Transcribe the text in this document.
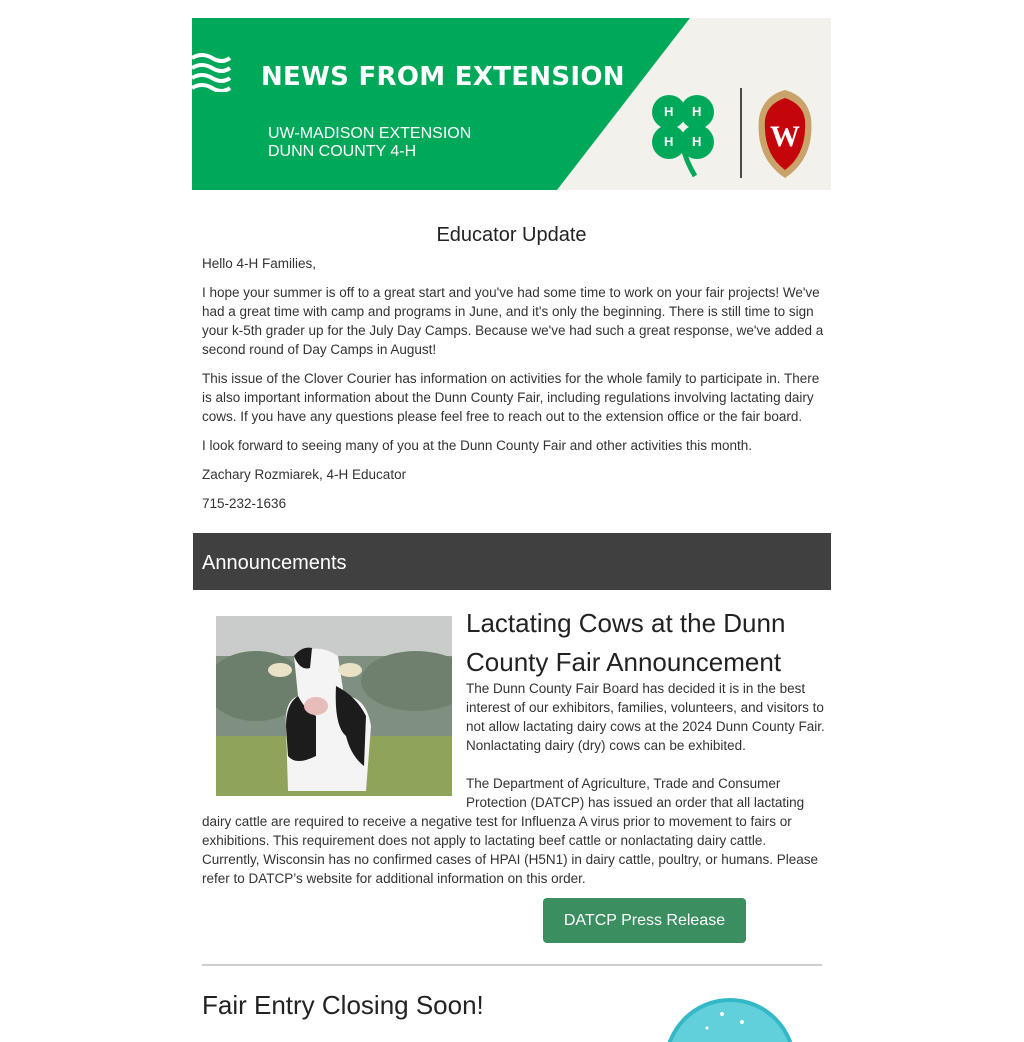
NEWS FROM EXTENSION
UW-MADISON EXTENSION
DUNN COUNTY 4-H
H H
H H W
Educator Update

Hello 4-H Families,

I hope your summer is off to a great start and you've had some time to work on your fair projects! We've had a great time with camp and programs in June, and it's only the beginning. There is still time to sign your k-5th grader up for the July Day Camps. Because we've had such a great response, we've added a second round of Day Camps in August!

This issue of the Clover Courier has information on activities for the whole family to participate in. There is also important information about the Dunn County Fair, including regulations involving lactating dairy cows. If you have any questions please feel free to reach out to the extension office or the fair board.

I look forward to seeing many of you at the Dunn County Fair and other activities this month.

Zachary Rozmiarek, 4-H Educator

715-232-1636

Announcements
Lactating Cows at the Dunn County Fair Announcement
The Dunn County Fair Board has decided it is in the best interest of our exhibitors, families, volunteers, and visitors to not allow lactating dairy cows at the 2024 Dunn County Fair. Nonlactating dairy (dry) cows can be exhibited.
The Department of Agriculture, Trade and Consumer Protection (DATCP) has issued an order that all lactating
dairy cattle are required to receive a negative test for Influenza A virus prior to movement to fairs or exhibitions. This requirement does not apply to lactating beef cattle or nonlactating dairy cattle. Currently, Wisconsin has no confirmed cases of HPAI (H5N1) in dairy cattle, poultry, or humans. Please refer to DATCP’s website for additional information on this order.
DATCP Press Release
Fair Entry Closing Soon!
